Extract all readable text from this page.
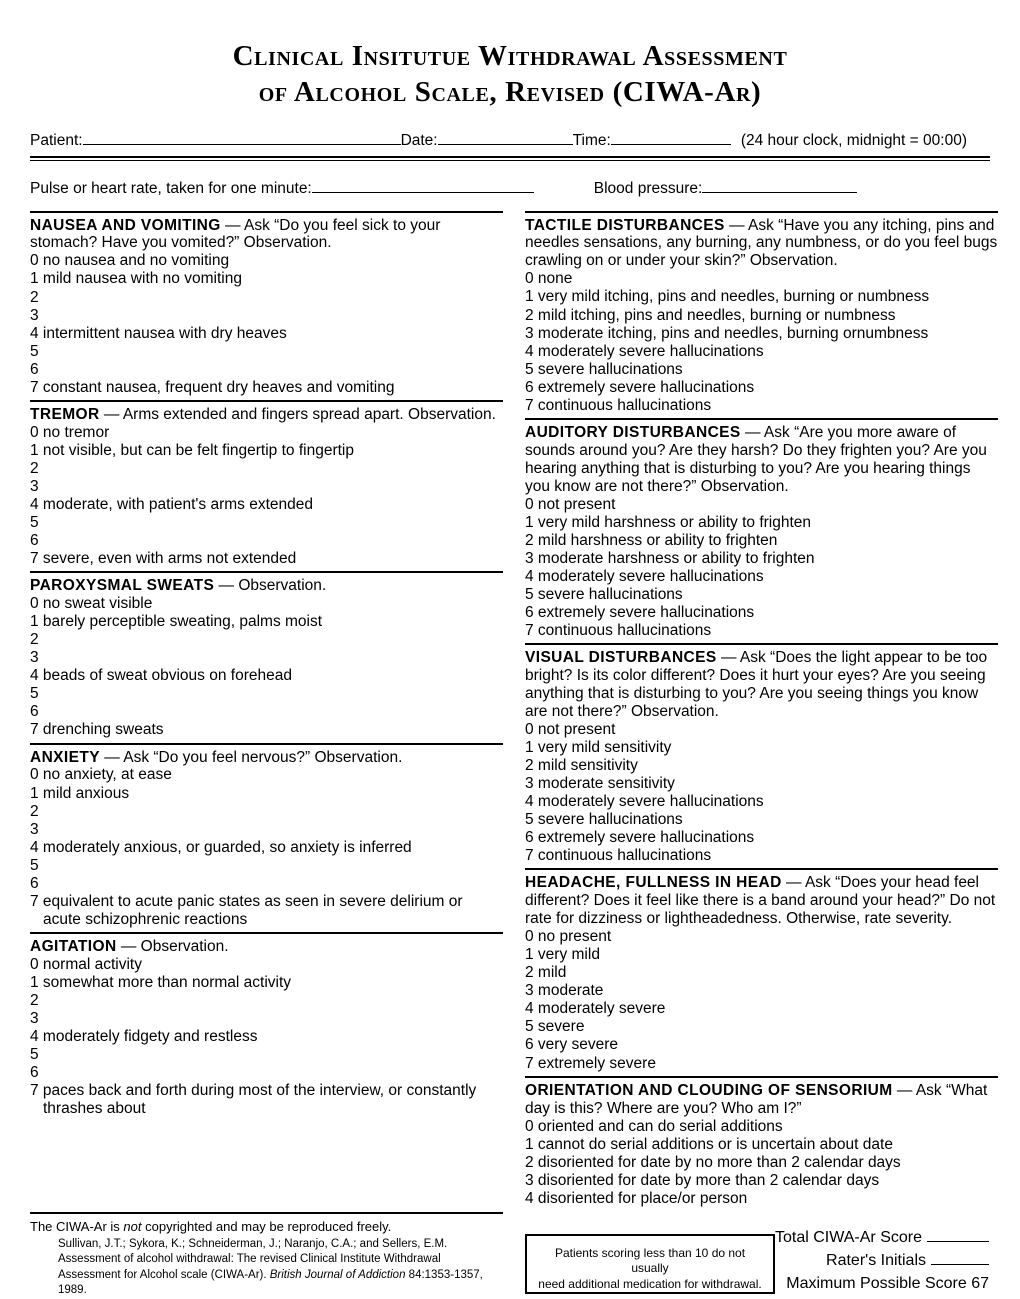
Clinical Insitutue Withdrawal Assessment
of Alcohol Scale, Revised (CIWA-Ar)
Patient:	Date:	Time:	(24 hour clock, midnight = 00:00)
Pulse or heart rate, taken for one minute:	Blood pressure:

NAUSEA AND VOMITING — Ask “Do you feel sick to your stomach? Have you vomited?” Observation.

0 no nausea and no vomiting
1 mild nausea with no vomiting
2
3
4 intermittent nausea with dry heaves
5
6
7 constant nausea, frequent dry heaves and vomiting

TREMOR — Arms extended and fingers spread apart. Observation.

0 no tremor
1 not visible, but can be felt fingertip to fingertip
2
3
4 moderate, with patient's arms extended
5
6
7 severe, even with arms not extended

PAROXYSMAL SWEATS — Observation.

0 no sweat visible
1 barely perceptible sweating, palms moist
2
3
4 beads of sweat obvious on forehead
5
6
7 drenching sweats

ANXIETY — Ask “Do you feel nervous?” Observation.

0 no anxiety, at ease
1 mild anxious
2
3
4 moderately anxious, or guarded, so anxiety is inferred
5
6
7 equivalent to acute panic states as seen in severe delirium or acute schizophrenic reactions

AGITATION — Observation.

0 normal activity
1 somewhat more than normal activity
2
3
4 moderately fidgety and restless
5
6
7 paces back and forth during most of the interview, or constantly thrashes about

TACTILE DISTURBANCES — Ask “Have you any itching, pins and needles sensations, any burning, any numbness, or do you feel bugs crawling on or under your skin?” Observation.

0 none
1 very mild itching, pins and needles, burning or numbness
2 mild itching, pins and needles, burning or numbness
3 moderate itching, pins and needles, burning ornumbness
4 moderately severe hallucinations
5 severe hallucinations
6 extremely severe hallucinations
7 continuous hallucinations

AUDITORY DISTURBANCES — Ask “Are you more aware of sounds around you? Are they harsh? Do they frighten you? Are you hearing anything that is disturbing to you? Are you hearing things you know are not there?” Observation.

0 not present
1 very mild harshness or ability to frighten
2 mild harshness or ability to frighten
3 moderate harshness or ability to frighten
4 moderately severe hallucinations
5 severe hallucinations
6 extremely severe hallucinations
7 continuous hallucinations

VISUAL DISTURBANCES — Ask “Does the light appear to be too bright? Is its color different? Does it hurt your eyes? Are you seeing anything that is disturbing to you? Are you seeing things you know are not there?” Observation.

0 not present
1 very mild sensitivity
2 mild sensitivity
3 moderate sensitivity
4 moderately severe hallucinations
5 severe hallucinations
6 extremely severe hallucinations
7 continuous hallucinations

HEADACHE, FULLNESS IN HEAD — Ask “Does your head feel different? Does it feel like there is a band around your head?” Do not rate for dizziness or lightheadedness. Otherwise, rate severity.

0 no present
1 very mild
2 mild
3 moderate
4 moderately severe
5 severe
6 very severe
7 extremely severe

ORIENTATION AND CLOUDING OF SENSORIUM — Ask “What day is this? Where are you? Who am I?”

0 oriented and can do serial additions
1 cannot do serial additions or is uncertain about date
2 disoriented for date by no more than 2 calendar days
3 disoriented for date by more than 2 calendar days
4 disoriented for place/or person
The CIWA-Ar is not copyrighted and may be reproduced freely.
Sullivan, J.T.; Sykora, K.; Schneiderman, J.; Naranjo, C.A.; and Sellers, E.M.
Assessment of alcohol withdrawal: The revised Clinical Institute Withdrawal
Assessment for Alcohol scale (CIWA-Ar). British Journal of Addiction 84:1353-1357, 1989.
Patients scoring less than 10 do not usually
need additional medication for withdrawal.
Total CIWA-Ar Score
Rater's Initials
Maximum Possible Score 67
